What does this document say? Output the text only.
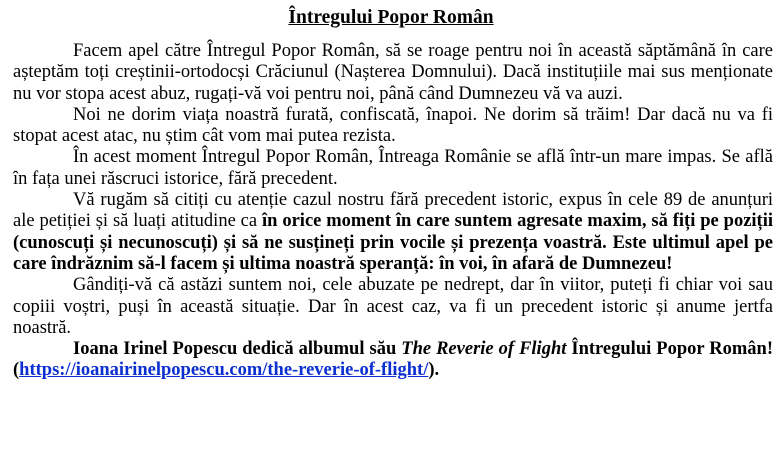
Întregului Popor Român

Facem apel către Întregul Popor Român, să se roage pentru noi în această săptămână în care așteptăm toți creștinii-ortodocși Crăciunul (Nașterea Domnului). Dacă instituțiile mai sus menționate nu vor stopa acest abuz, rugați-vă voi pentru noi, până când Dumnezeu vă va auzi.

Noi ne dorim viața noastră furată, confiscată, înapoi. Ne dorim să trăim! Dar dacă nu va fi stopat acest atac, nu știm cât vom mai putea rezista.

În acest moment Întregul Popor Român, Întreaga Românie se află într-un mare impas. Se află în fața unei răscruci istorice, fără precedent.

Vă rugăm să citiți cu atenție cazul nostru fără precedent istoric, expus în cele 89 de anunțuri ale petiției și să luați atitudine ca în orice moment în care suntem agresate maxim, să fiți pe poziții (cunoscuți și necunoscuți) și să ne susțineți prin vocile și prezența voastră. Este ultimul apel pe care îndrăznim să-l facem și ultima noastră speranță: în voi, în afară de Dumnezeu!

Gândiți-vă că astăzi suntem noi, cele abuzate pe nedrept, dar în viitor, puteți fi chiar voi sau copiii voștri, puși în această situație. Dar în acest caz, va fi un precedent istoric și anume jertfa noastră.

Ioana Irinel Popescu dedică albumul său The Reverie of Flight Întregului Popor Român! (https://ioanairinelpopescu.com/the-reverie-of-flight/).
